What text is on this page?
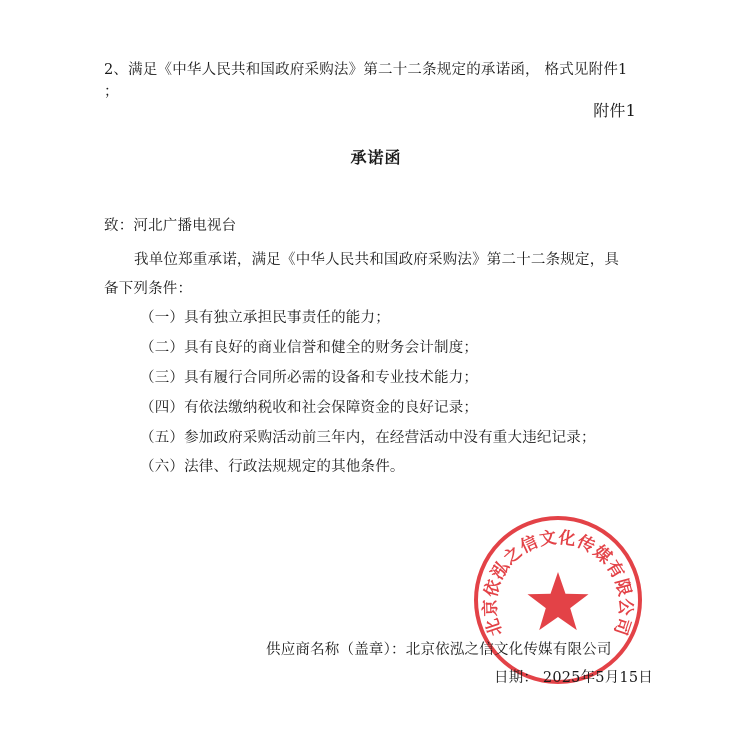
2、满足《中华人民共和国政府采购法》第二十二条规定的承诺函， 格式见附件1
；
附件1
承诺函
致：河北广播电视台
我单位郑重承诺，满足《中华人民共和国政府采购法》第二十二条规定，具
备下列条件：
（一）具有独立承担民事责任的能力；
（二）具有良好的商业信誉和健全的财务会计制度；
（三）具有履行合同所必需的设备和专业技术能力；
（四）有依法缴纳税收和社会保障资金的良好记录；
（五）参加政府采购活动前三年内，在经营活动中没有重大违纪记录；
（六）法律、行政法规规定的其他条件。
北京依泓之信文化传媒有限公司
供应商名称（盖章）：北京依泓之信文化传媒有限公司
日期： 2025年5月15日
